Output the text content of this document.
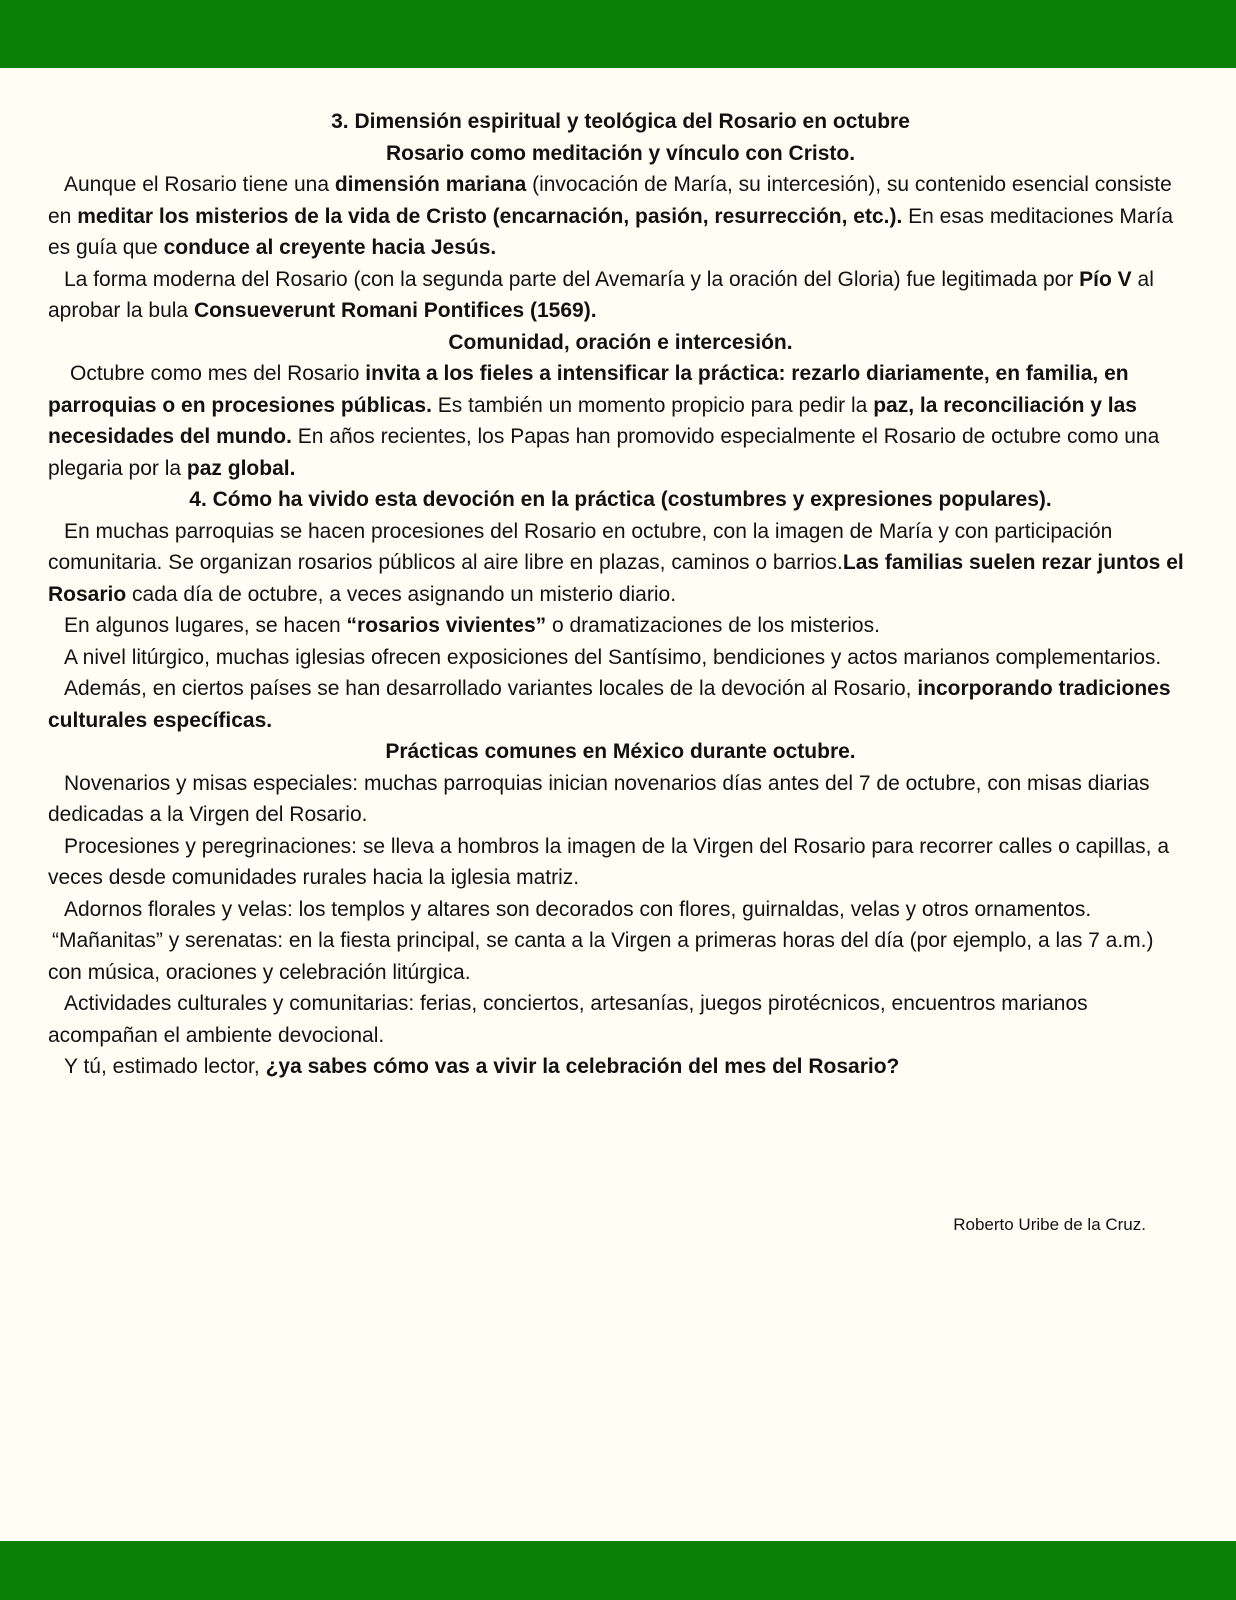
3. Dimensión espiritual y teológica del Rosario en octubre

Rosario como meditación y vínculo con Cristo.

Aunque el Rosario tiene una dimensión mariana (invocación de María, su intercesión), su contenido esencial consiste en meditar los misterios de la vida de Cristo (encarnación, pasión, resurrección, etc.). En esas meditaciones María es guía que conduce al creyente hacia Jesús.

La forma moderna del Rosario (con la segunda parte del Avemaría y la oración del Gloria) fue legitimada por Pío V al aprobar la bula Consueverunt Romani Pontifices (1569).

Comunidad, oración e intercesión.

Octubre como mes del Rosario invita a los fieles a intensificar la práctica: rezarlo diariamente, en familia, en parroquias o en procesiones públicas. Es también un momento propicio para pedir la paz, la reconciliación y las necesidades del mundo. En años recientes, los Papas han promovido especialmente el Rosario de octubre como una plegaria por la paz global.

4. Cómo ha vivido esta devoción en la práctica (costumbres y expresiones populares).

En muchas parroquias se hacen procesiones del Rosario en octubre, con la imagen de María y con participación comunitaria. Se organizan rosarios públicos al aire libre en plazas, caminos o barrios.Las familias suelen rezar juntos el Rosario cada día de octubre, a veces asignando un misterio diario.

En algunos lugares, se hacen “rosarios vivientes” o dramatizaciones de los misterios.

A nivel litúrgico, muchas iglesias ofrecen exposiciones del Santísimo, bendiciones y actos marianos complementarios.

Además, en ciertos países se han desarrollado variantes locales de la devoción al Rosario, incorporando tradiciones culturales específicas.

Prácticas comunes en México durante octubre.

Novenarios y misas especiales: muchas parroquias inician novenarios días antes del 7 de octubre, con misas diarias dedicadas a la Virgen del Rosario.

Procesiones y peregrinaciones: se lleva a hombros la imagen de la Virgen del Rosario para recorrer calles o capillas, a veces desde comunidades rurales hacia la iglesia matriz.

Adornos florales y velas: los templos y altares son decorados con flores, guirnaldas, velas y otros ornamentos.

“Mañanitas” y serenatas: en la fiesta principal, se canta a la Virgen a primeras horas del día (por ejemplo, a las 7 a.m.) con música, oraciones y celebración litúrgica.

Actividades culturales y comunitarias: ferias, conciertos, artesanías, juegos pirotécnicos, encuentros marianos acompañan el ambiente devocional.

Y tú, estimado lector, ¿ya sabes cómo vas a vivir la celebración del mes del Rosario?

Roberto Uribe de la Cruz.
